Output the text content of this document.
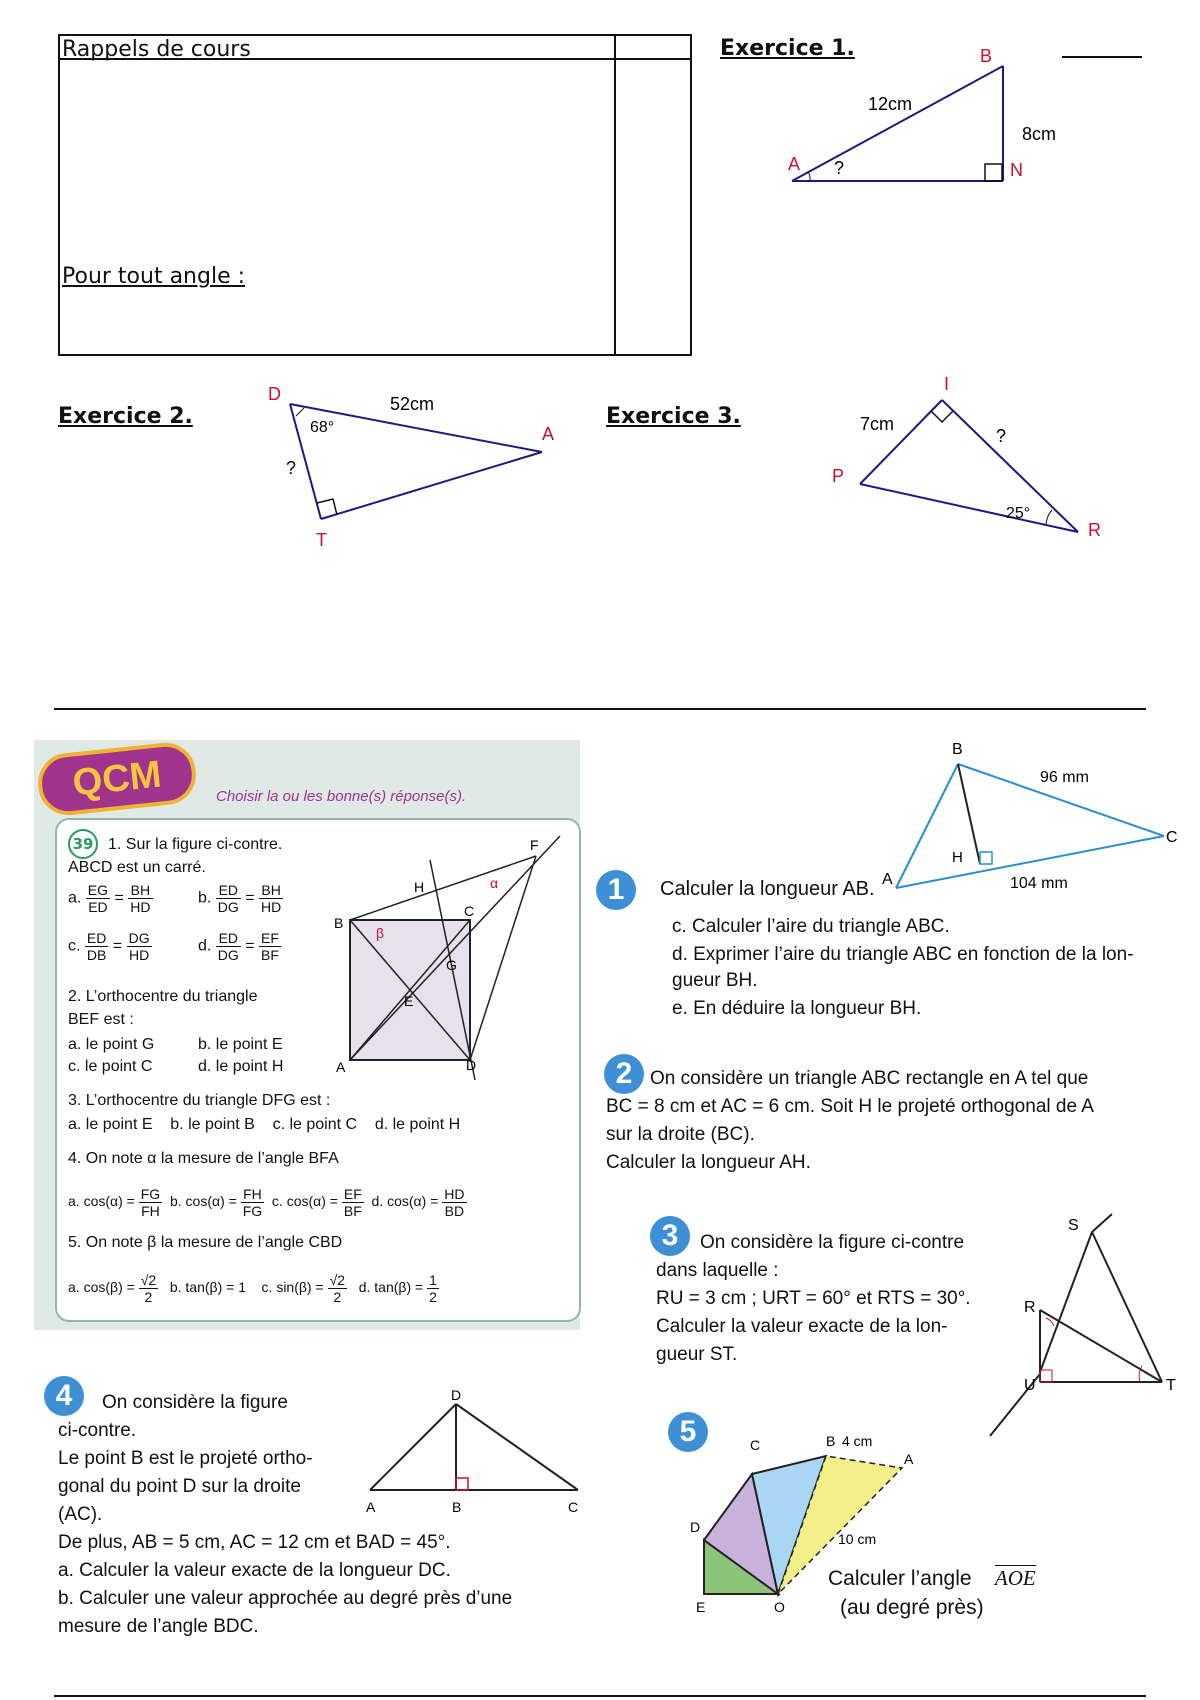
Rappels de cours
Pour tout angle :
Exercice 1.	B
A	N
12cm
8cm
?
Exercice 2.
D
A
T
52cm
68°
?
Exercice 3.
I
P
R
7cm
25°
?
QCM	Choisir la ou les bonne(s) réponse(s).
39 1. Sur la figure ci-contre.
ABCD est un carré.
a. $\frac{EG}{ED} = \frac{BH}{HD}$	b. $\frac{ED}{DG} = \frac{BH}{HD}$
c. $\frac{ED}{DB} = \frac{DG}{HD}$	d. $\frac{ED}{DG} = \frac{EF}{BF}$
2. L’orthocentre du triangle
BEF est :
a. le point G	b. le point E
c. le point C	d. le point H
3. L’orthocentre du triangle DFG est :
a. le point E    b. le point B    c. le point C    d. le point H
4. On note α la mesure de l’angle BFA
a. $\cos(\alpha) = \frac{FG}{FH} b$. $\cos(\alpha) = \frac{FH}{FG} c$. $\cos(\alpha) = \frac{EF}{BF} d$. $\cos(\alpha) = \frac{HD}{BD}$
5. On note β la mesure de l’angle CBD
a. $\cos(\beta) = \frac{√2}{2} b$. tan(β) = 1    c. $\sin(\beta) = \frac{√2}{2} d$. $\tan(\beta) = \frac{1}{2}$
F
B
C
H
G
E
A	D
α
β
1	Calculer la longueur AB.
c. Calculer l’aire du triangle ABC.
d. Exprimer l’aire du triangle ABC en fonction de la lon-
gueur BH.
e. En déduire la longueur BH.
B
C
A
H
96 mm
104 mm
2 On considère un triangle ABC rectangle en A tel que
BC = 8 cm et AC = 6 cm. Soit H le projeté orthogonal de A
sur la droite (BC).
Calculer la longueur AH.
3	On considère la figure ci-contre
dans laquelle :
RU = 3 cm ; URT = 60° et RTS = 30°.
Calculer la valeur exacte de la lon-
gueur ST.
S
R
U	T
4	On considère la figure
ci-contre.
Le point B est le projeté ortho-
gonal du point D sur la droite
(AC).
De plus, AB = 5 cm, AC = 12 cm et BAD = 45°.
a. Calculer la valeur exacte de la longueur DC.
b. Calculer une valeur approchée au degré près d’une
mesure de l’angle BDC.
D
A	B	C
5	C	B 4 cm
A
D
E	O
10 cm
Calculer l’angle AOE
(au degré près)
